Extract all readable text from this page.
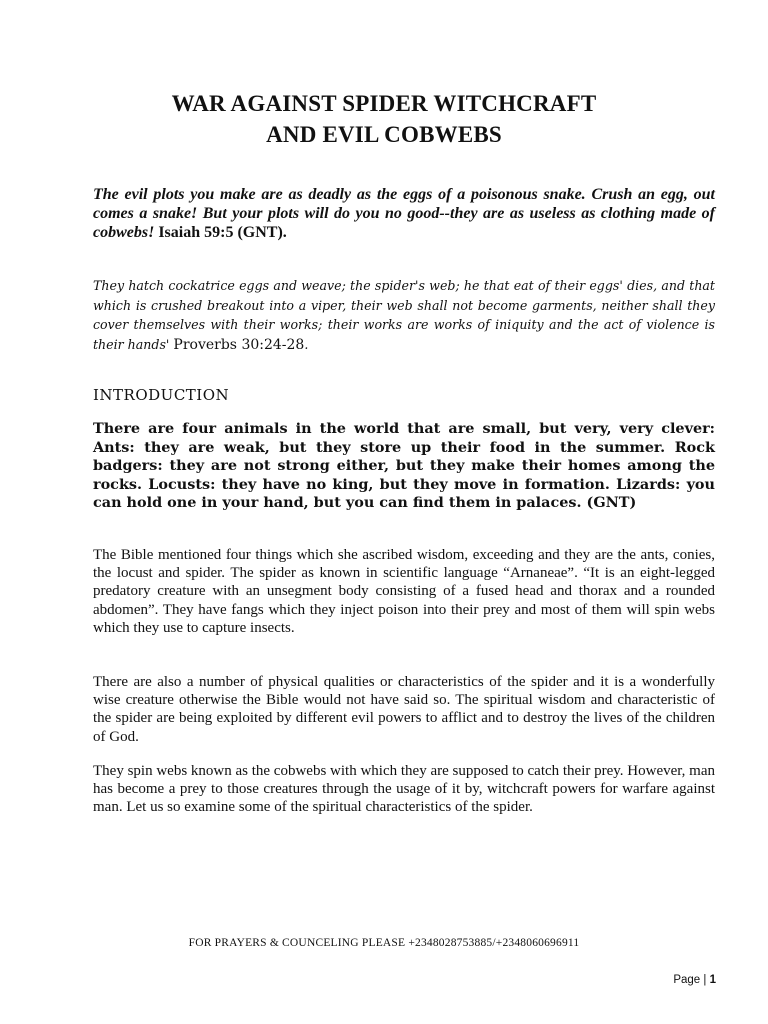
WAR AGAINST SPIDER WITCHCRAFT
AND EVIL COBWEBS

The evil plots you make are as deadly as the eggs of a poisonous snake. Crush an egg, out comes a snake! But your plots will do you no good--they are as useless as clothing made of cobwebs! Isaiah 59:5 (GNT).

They hatch cockatrice eggs and weave; the spider's web; he that eat of their eggs' dies, and that which is crushed breakout into a viper, their web shall not become garments, neither shall they cover themselves with their works; their works are works of iniquity and the act of violence is their hands' Proverbs 30:24-28.

INTRODUCTION

There are four animals in the world that are small, but very, very clever: Ants: they are weak, but they store up their food in the summer. Rock badgers: they are not strong either, but they make their homes among the rocks. Locusts: they have no king, but they move in formation. Lizards: you can hold one in your hand, but you can find them in palaces. (GNT)

The Bible mentioned four things which she ascribed wisdom, exceeding and they are the ants, conies, the locust and spider. The spider as known in scientific language “Arnaneae”. “It is an eight-legged predatory creature with an unsegment body consisting of a fused head and thorax and a rounded abdomen”. They have fangs which they inject poison into their prey and most of them will spin webs which they use to capture insects.

There are also a number of physical qualities or characteristics of the spider and it is a wonderfully wise creature otherwise the Bible would not have said so. The spiritual wisdom and characteristic of the spider are being exploited by different evil powers to afflict and to destroy the lives of the children of God.

They spin webs known as the cobwebs with which they are supposed to catch their prey. However, man has become a prey to those creatures through the usage of it by, witchcraft powers for warfare against man. Let us so examine some of the spiritual characteristics of the spider.

FOR PRAYERS & COUNCELING PLEASE +2348028753885/+2348060696911
Page | 1
